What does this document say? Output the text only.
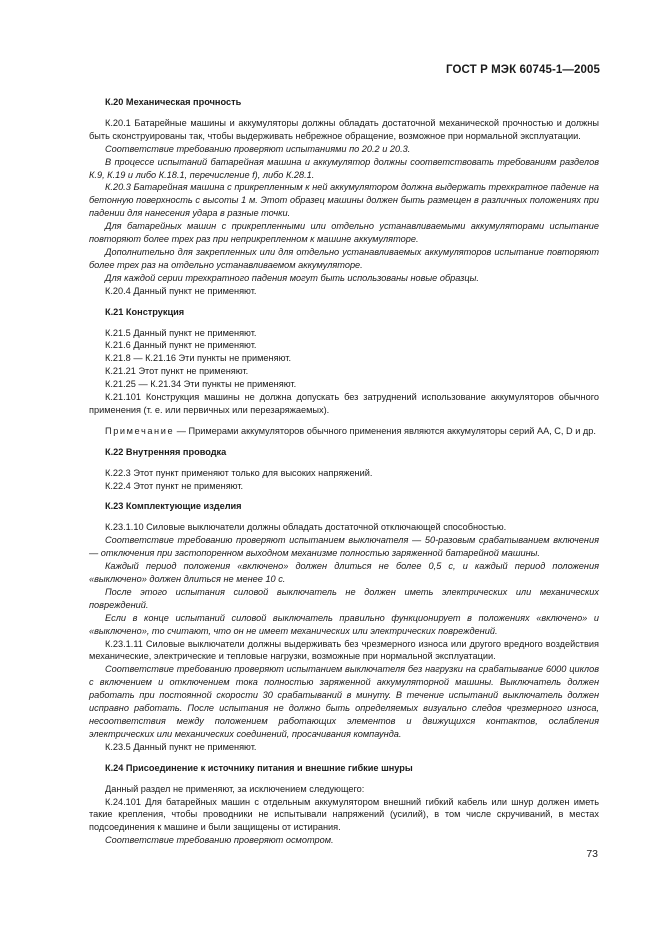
ГОСТ Р МЭК 60745-1—2005

К.20 Механическая прочность

К.20.1 Батарейные машины и аккумуляторы должны обладать достаточной механической прочностью и должны быть сконструированы так, чтобы выдерживать небрежное обращение, возможное при нормальной эксплуатации.

Соответствие требованию проверяют испытаниями по 20.2 и 20.3.

В процессе испытаний батарейная машина и аккумулятор должны соответствовать требованиям разделов К.9, К.19 и либо К.18.1, перечисление f), либо К.28.1.

К.20.3 Батарейная машина с прикрепленным к ней аккумулятором должна выдержать трехкратное падение на бетонную поверхность с высоты 1 м. Этот образец машины должен быть размещен в различных положениях при падении для нанесения удара в разные точки.

Для батарейных машин с прикрепленными или отдельно устанавливаемыми аккумуляторами испытание повторяют более трех раз при неприкрепленном к машине аккумуляторе.

Дополнительно для закрепленных или для отдельно устанавливаемых аккумуляторов испытание повторяют более трех раз на отдельно устанавливаемом аккумуляторе.

Для каждой серии трехкратного падения могут быть использованы новые образцы.

К.20.4 Данный пункт не применяют.

К.21 Конструкция

К.21.5 Данный пункт не применяют.

К.21.6 Данный пункт не применяют.

К.21.8 — К.21.16 Эти пункты не применяют.

К.21.21 Этот пункт не применяют.

К.21.25 — К.21.34 Эти пункты не применяют.

К.21.101 Конструкция машины не должна допускать без затруднений использование аккумуляторов обычного применения (т. е. или первичных или перезаряжаемых).

Примечание — Примерами аккумуляторов обычного применения являются аккумуляторы серий АА, С, D и др.

К.22 Внутренняя проводка

К.22.3 Этот пункт применяют только для высоких напряжений.

К.22.4 Этот пункт не применяют.

К.23 Комплектующие изделия

К.23.1.10 Силовые выключатели должны обладать достаточной отключающей способностью.

Соответствие требованию проверяют испытанием выключателя — 50-разовым срабатыванием включения — отключения при застопоренном выходном механизме полностью заряженной батарейной машины.

Каждый период положения «включено» должен длиться не более 0,5 с, и каждый период положения «выключено» должен длиться не менее 10 с.

После этого испытания силовой выключатель не должен иметь электрических или механических повреждений.

Если в конце испытаний силовой выключатель правильно функционирует в положениях «включено» и «выключено», то считают, что он не имеет механических или электрических повреждений.

К.23.1.11 Силовые выключатели должны выдерживать без чрезмерного износа или другого вредного воздействия механические, электрические и тепловые нагрузки, возможные при нормальной эксплуатации.

Соответствие требованию проверяют испытанием выключателя без нагрузки на срабатывание 6000 циклов с включением и отключением тока полностью заряженной аккумуляторной машины. Выключатель должен работать при постоянной скорости 30 срабатываний в минуту. В течение испытаний выключатель должен исправно работать. После испытания не должно быть определяемых визуально следов чрезмерного износа, несоответствия между положением работающих элементов и движущихся контактов, ослабления электрических или механических соединений, просачивания компаунда.

К.23.5 Данный пункт не применяют.

К.24 Присоединение к источнику питания и внешние гибкие шнуры

Данный раздел не применяют, за исключением следующего:

К.24.101 Для батарейных машин с отдельным аккумулятором внешний гибкий кабель или шнур должен иметь такие крепления, чтобы проводники не испытывали напряжений (усилий), в том числе скручиваний, в местах подсоединения к машине и были защищены от истирания.

Соответствие требованию проверяют осмотром.

73
